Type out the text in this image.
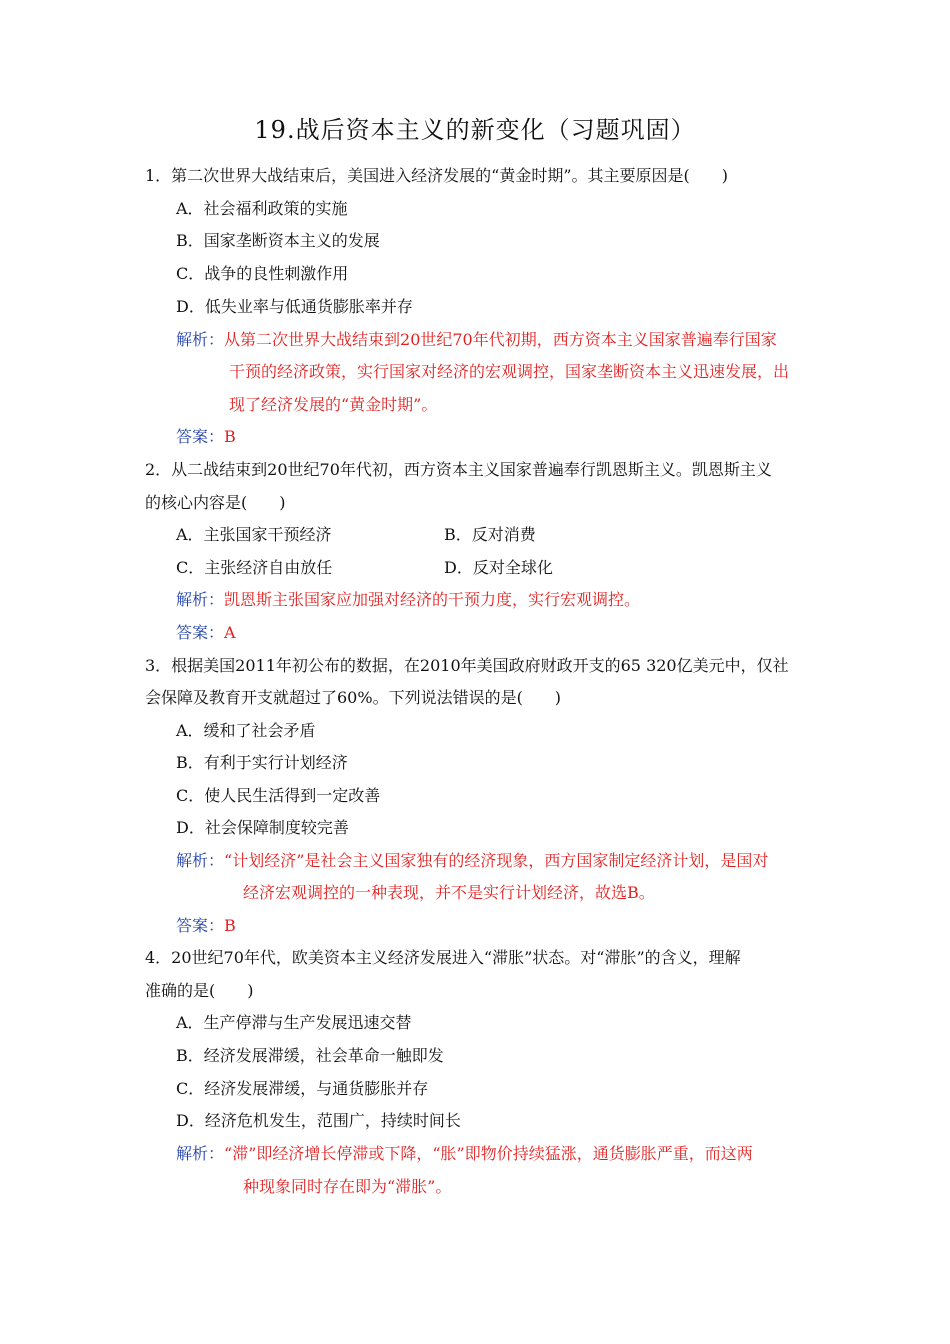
19.战后资本主义的新变化（习题巩固）
1．第二次世界大战结束后，美国进入经济发展的“黄金时期”。其主要原因是(　　)
A．社会福利政策的实施
B．国家垄断资本主义的发展
C．战争的良性刺激作用
D．低失业率与低通货膨胀率并存
解析：从第二次世界大战结束到20世纪70年代初期，西方资本主义国家普遍奉行国家
干预的经济政策，实行国家对经济的宏观调控，国家垄断资本主义迅速发展，出
现了经济发展的“黄金时期”。
答案：B
2．从二战结束到20世纪70年代初，西方资本主义国家普遍奉行凯恩斯主义。凯恩斯主义
的核心内容是(　　)
A．主张国家干预经济	B．反对消费
C．主张经济自由放任	D．反对全球化
解析：凯恩斯主张国家应加强对经济的干预力度，实行宏观调控。
答案：A
3．根据美国2011年初公布的数据，在2010年美国政府财政开支的65 320亿美元中，仅社
会保障及教育开支就超过了60%。下列说法错误的是(　　)
A．缓和了社会矛盾
B．有利于实行计划经济
C．使人民生活得到一定改善
D．社会保障制度较完善
解析：“计划经济”是社会主义国家独有的经济现象，西方国家制定经济计划，是国对
经济宏观调控的一种表现，并不是实行计划经济，故选B。
答案：B
4．20世纪70年代，欧美资本主义经济发展进入“滞胀”状态。对“滞胀”的含义，理解
准确的是(　　)
A．生产停滞与生产发展迅速交替
B．经济发展滞缓，社会革命一触即发
C．经济发展滞缓，与通货膨胀并存
D．经济危机发生，范围广，持续时间长
解析：“滞”即经济增长停滞或下降，“胀”即物价持续猛涨，通货膨胀严重，而这两
种现象同时存在即为“滞胀”。
